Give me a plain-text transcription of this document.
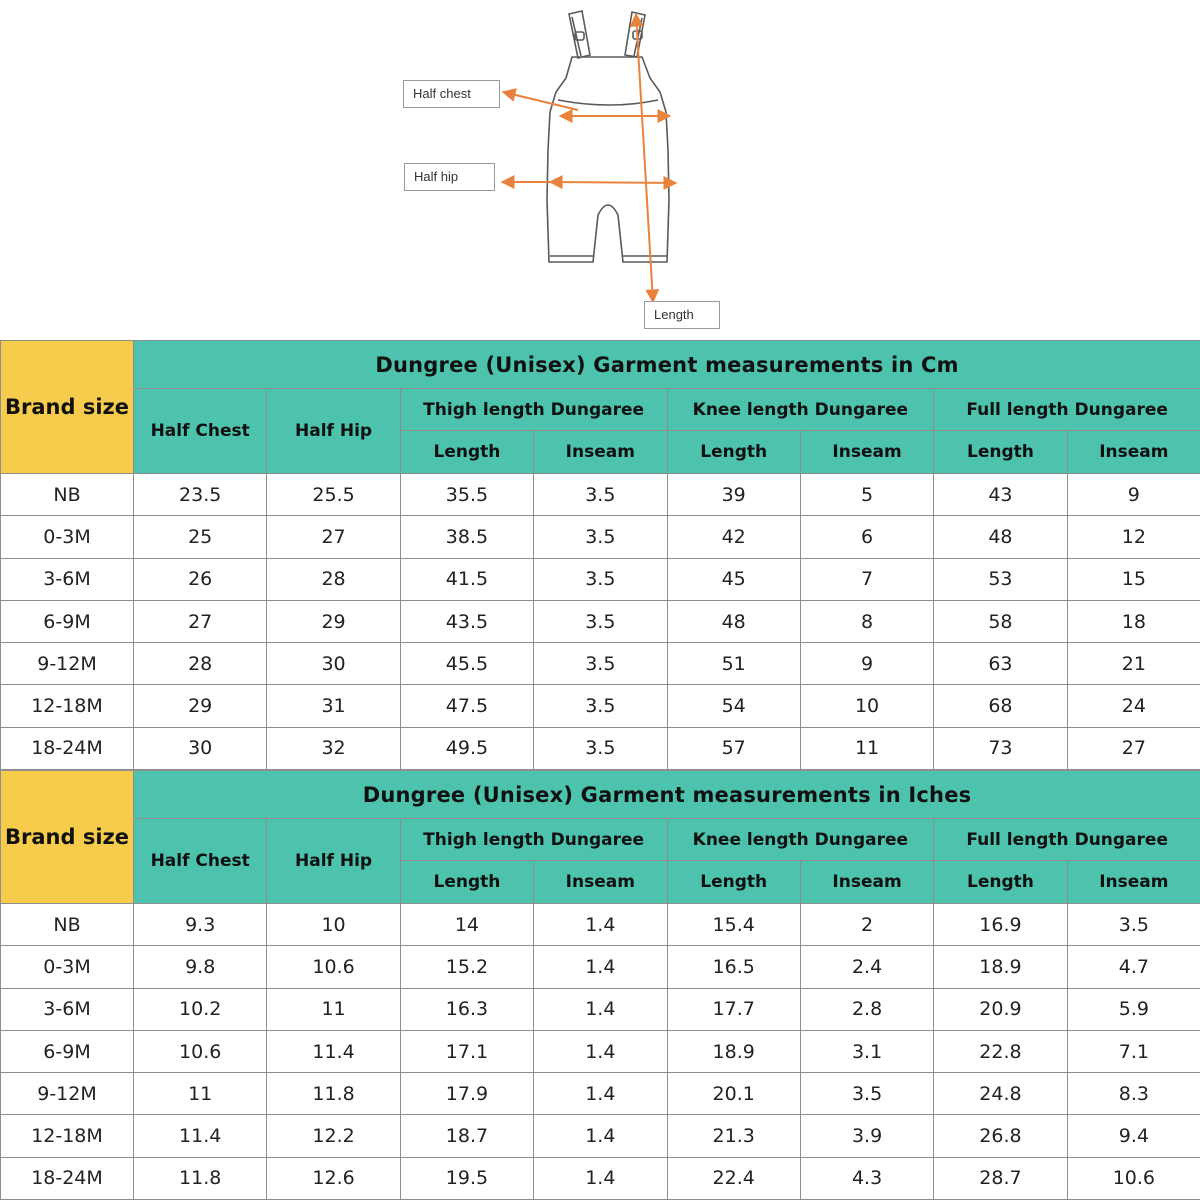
Half chest
Half hip
Length
Brand size	Dungree (Unisex) Garment measurements in Cm							
	Half Chest	Half Hip	Thigh length Dungaree		Knee length Dungaree		Full length Dungaree	
			Length	Inseam	Length	Inseam	Length	Inseam
NB	23.5	25.5	35.5	3.5	39	5	43	9
0-3M	25	27	38.5	3.5	42	6	48	12
3-6M	26	28	41.5	3.5	45	7	53	15
6-9M	27	29	43.5	3.5	48	8	58	18
9-12M	28	30	45.5	3.5	51	9	63	21
12-18M	29	31	47.5	3.5	54	10	68	24
18-24M	30	32	49.5	3.5	57	11	73	27
Brand size	Dungree (Unisex) Garment measurements in Iches							
	Half Chest	Half Hip	Thigh length Dungaree		Knee length Dungaree		Full length Dungaree	
			Length	Inseam	Length	Inseam	Length	Inseam
NB	9.3	10	14	1.4	15.4	2	16.9	3.5
0-3M	9.8	10.6	15.2	1.4	16.5	2.4	18.9	4.7
3-6M	10.2	11	16.3	1.4	17.7	2.8	20.9	5.9
6-9M	10.6	11.4	17.1	1.4	18.9	3.1	22.8	7.1
9-12M	11	11.8	17.9	1.4	20.1	3.5	24.8	8.3
12-18M	11.4	12.2	18.7	1.4	21.3	3.9	26.8	9.4
18-24M	11.8	12.6	19.5	1.4	22.4	4.3	28.7	10.6
